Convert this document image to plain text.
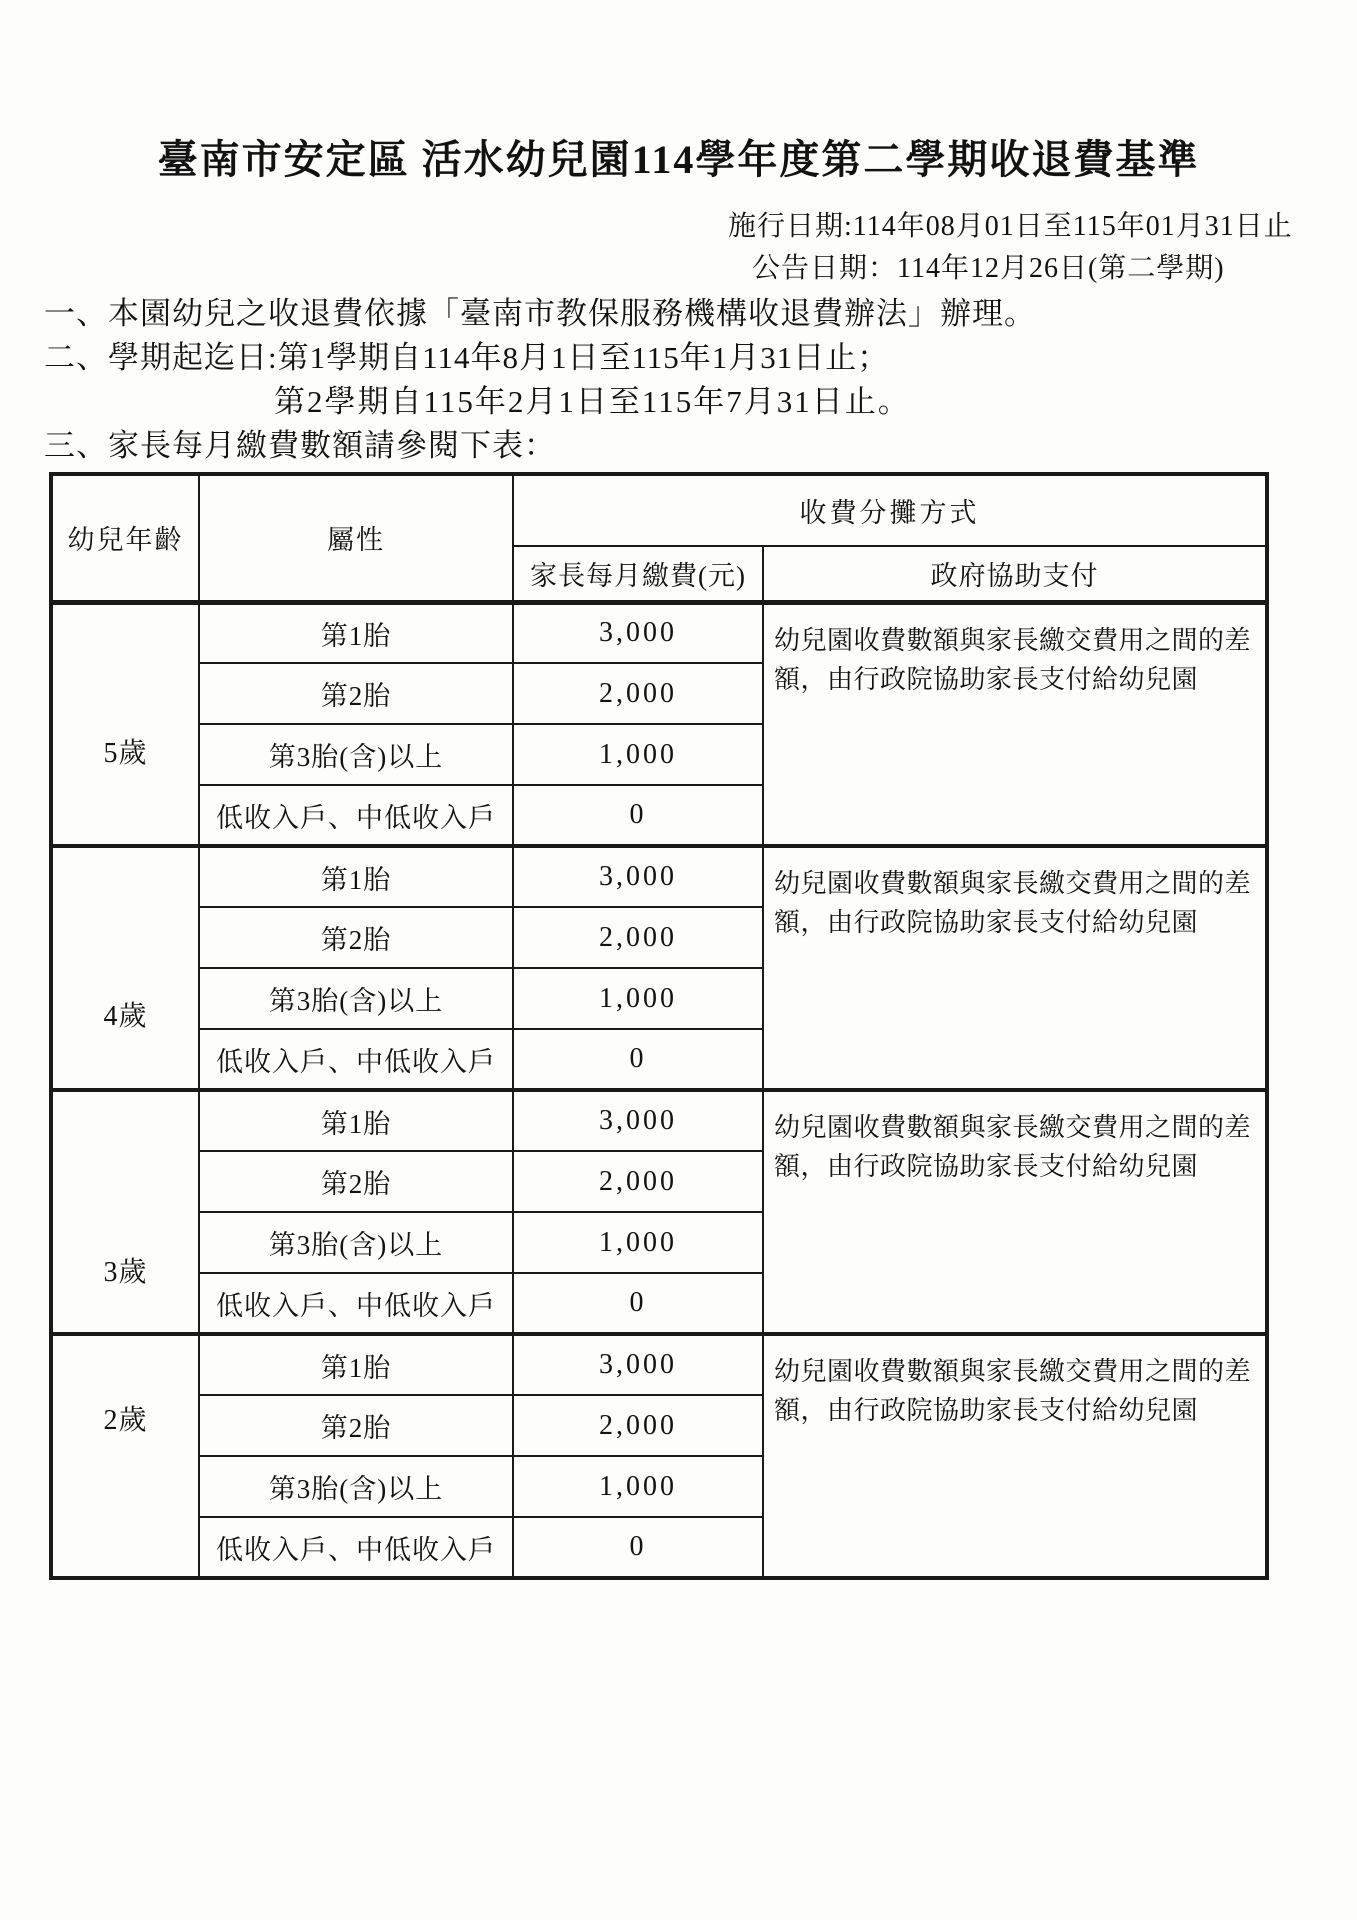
臺南市安定區 活水幼兒園114學年度第二學期收退費基準
施行日期:114年08月01日至115年01月31日止
公告日期：114年12月26日(第二學期)
一、本園幼兒之收退費依據「臺南市教保服務機構收退費辦法」辦理。
二、學期起迄日:第1學期自114年8月1日至115年1月31日止；
第2學期自115年2月1日至115年7月31日止。
三、家長每月繳費數額請參閱下表：
幼兒年齡	屬性	收費分攤方式	
		家長每月繳費(元)	政府協助支付
5歲	第1胎	3,000	幼兒園收費數額與家長繳交費用之間的差額，由行政院協助家長支付給幼兒園
	第2胎	2,000	
	第3胎(含)以上	1,000	
	低收入戶、中低收入戶	0	
4歲	第1胎	3,000	幼兒園收費數額與家長繳交費用之間的差額，由行政院協助家長支付給幼兒園
	第2胎	2,000	
	第3胎(含)以上	1,000	
	低收入戶、中低收入戶	0	
3歲	第1胎	3,000	幼兒園收費數額與家長繳交費用之間的差額，由行政院協助家長支付給幼兒園
	第2胎	2,000	
	第3胎(含)以上	1,000	
	低收入戶、中低收入戶	0	
2歲	第1胎	3,000	幼兒園收費數額與家長繳交費用之間的差額，由行政院協助家長支付給幼兒園
	第2胎	2,000	
	第3胎(含)以上	1,000	
	低收入戶、中低收入戶	0	
